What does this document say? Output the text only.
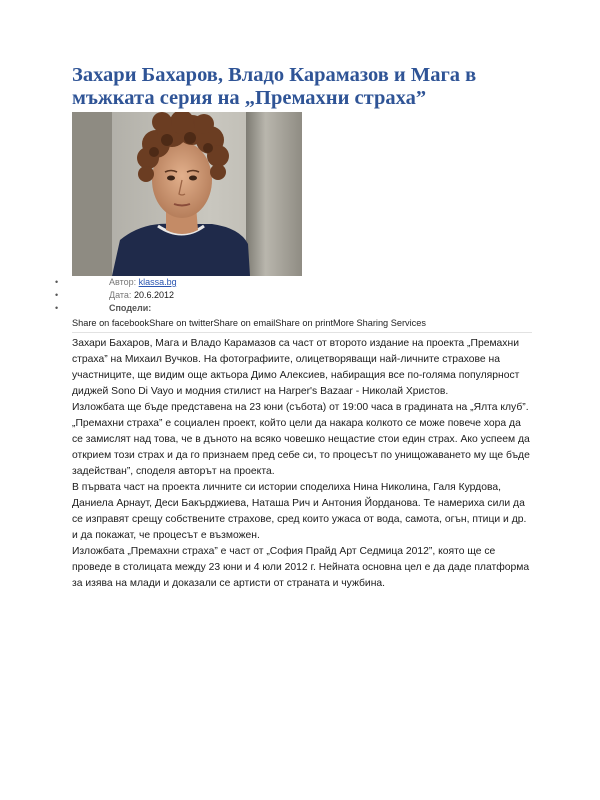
Захари Бахаров, Владо Карамазов и Мага в мъжката серия на „Премахни страха”
•	Автор: klassa.bg
•	Дата: 20.6.2012
•	Сподели:
Share on facebookShare on twitterShare on emailShare on printMore Sharing Services

Захари Бахаров, Мага и Владо Карамазов са част от второто издание на проекта „Премахни страха” на Михаил Вучков. На фотографиите, олицетворяващи най-личните страхове на участниците, ще видим още актьора Димо Алексиев, набиращия все по-голяма популярност диджей Sono Di Vayo и модния стилист на Harper's Bazaar - Николай Христов.

Изложбата ще бъде представена на 23 юни (събота) от 19:00 часа в градината на „Ялта клуб”.

„Премахни страха” е социален проект, който цели да накара колкото се може повече хора да се замислят над това, че в дъното на всяко човешко нещастие стои един страх. Ако успеем да открием този страх и да го признаем пред себе си, то процесът по унищожаването му ще бъде задействан”, споделя авторът на проекта.

В първата част на проекта личните си истории споделиха Нина Николина, Галя Курдова, Даниела Арнаут, Деси Бакърджиева, Наташа Рич и Антония Йорданова. Те намериха сили да се изправят срещу собствените страхове, сред които ужаса от вода, самота, огън, птици и др. и да покажат, че процесът е възможен.

Изложбата „Премахни страха” е част от „София Прайд Арт Седмица 2012”, която ще се проведе в столицата между 23 юни и 4 юли 2012 г. Нейната основна цел е да даде платформа за изява на млади и доказали се артисти от страната и чужбина.
